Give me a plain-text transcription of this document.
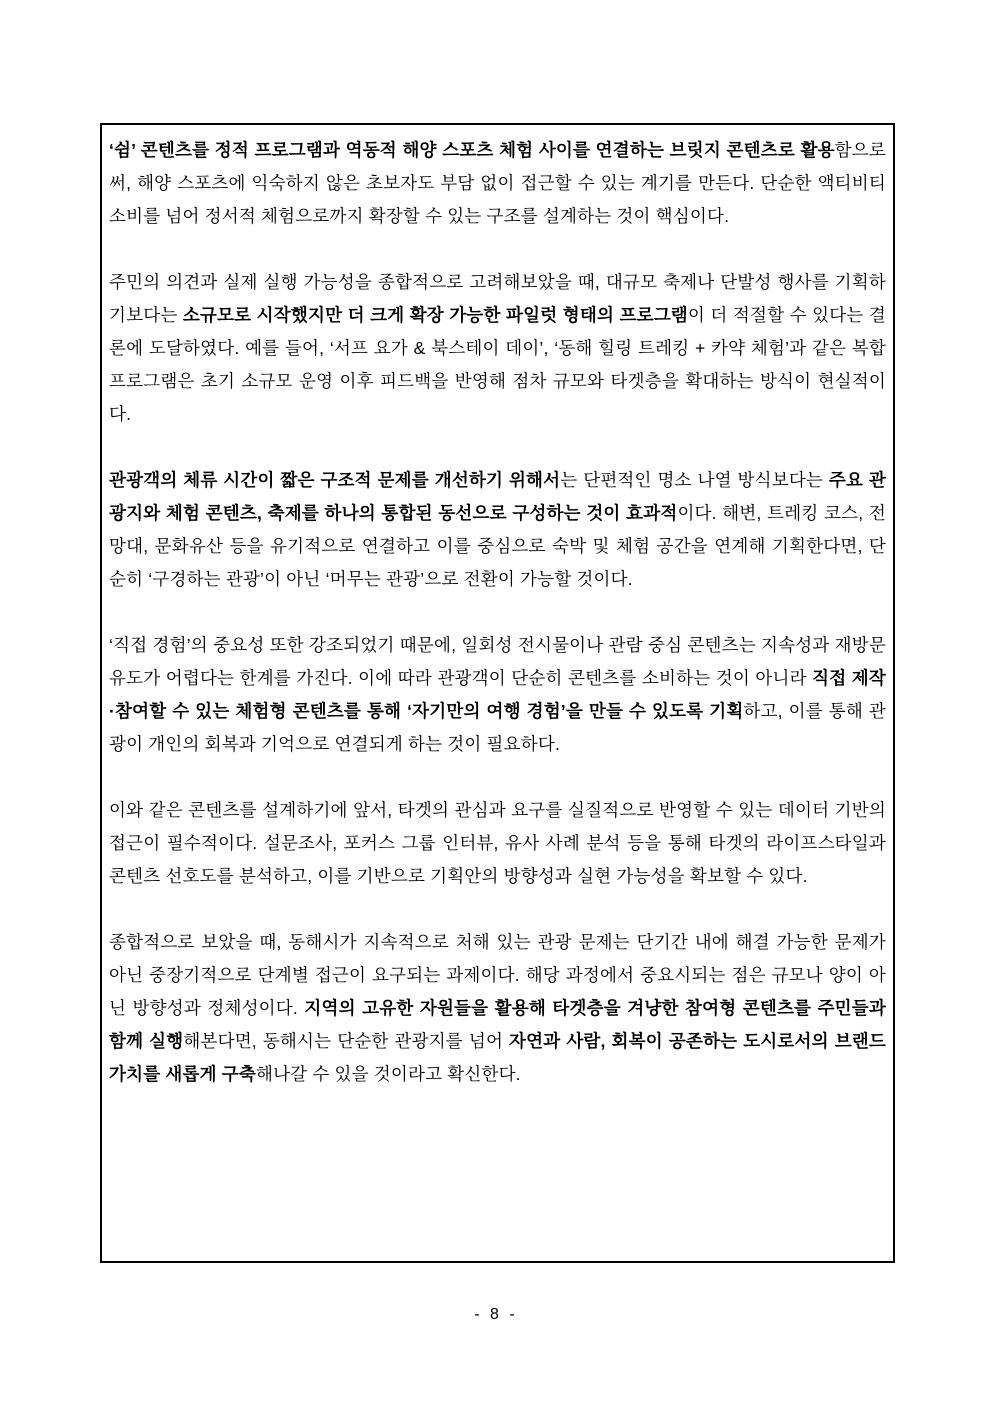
‘쉼’ 콘텐츠를 정적 프로그램과 역동적 해양 스포츠 체험 사이를 연결하는 브릿지 콘텐츠로 활용함으로써, 해양 스포츠에 익숙하지 않은 초보자도 부담 없이 접근할 수 있는 계기를 만든다. 단순한 액티비티 소비를 넘어 정서적 체험으로까지 확장할 수 있는 구조를 설계하는 것이 핵심이다.

주민의 의견과 실제 실행 가능성을 종합적으로 고려해보았을 때, 대규모 축제나 단발성 행사를 기획하기보다는 소규모로 시작했지만 더 크게 확장 가능한 파일럿 형태의 프로그램이 더 적절할 수 있다는 결론에 도달하였다. 예를 들어, ‘서프 요가 & 북스테이 데이’, ‘동해 힐링 트레킹 + 카약 체험’과 같은 복합 프로그램은 초기 소규모 운영 이후 피드백을 반영해 점차 규모와 타겟층을 확대하는 방식이 현실적이다.

관광객의 체류 시간이 짧은 구조적 문제를 개선하기 위해서는 단편적인 명소 나열 방식보다는 주요 관광지와 체험 콘텐츠, 축제를 하나의 통합된 동선으로 구성하는 것이 효과적이다. 해변, 트레킹 코스, 전망대, 문화유산 등을 유기적으로 연결하고 이를 중심으로 숙박 및 체험 공간을 연계해 기획한다면, 단순히 ‘구경하는 관광’이 아닌 ‘머무는 관광’으로 전환이 가능할 것이다.

‘직접 경험’의 중요성 또한 강조되었기 때문에, 일회성 전시물이나 관람 중심 콘텐츠는 지속성과 재방문 유도가 어렵다는 한계를 가진다. 이에 따라 관광객이 단순히 콘텐츠를 소비하는 것이 아니라 직접 제작·참여할 수 있는 체험형 콘텐츠를 통해 ‘자기만의 여행 경험’을 만들 수 있도록 기획하고, 이를 통해 관광이 개인의 회복과 기억으로 연결되게 하는 것이 필요하다.

이와 같은 콘텐츠를 설계하기에 앞서, 타겟의 관심과 요구를 실질적으로 반영할 수 있는 데이터 기반의 접근이 필수적이다. 설문조사, 포커스 그룹 인터뷰, 유사 사례 분석 등을 통해 타겟의 라이프스타일과 콘텐츠 선호도를 분석하고, 이를 기반으로 기획안의 방향성과 실현 가능성을 확보할 수 있다.

종합적으로 보았을 때, 동해시가 지속적으로 처해 있는 관광 문제는 단기간 내에 해결 가능한 문제가 아닌 중장기적으로 단계별 접근이 요구되는 과제이다. 해당 과정에서 중요시되는 점은 규모나 양이 아닌 방향성과 정체성이다. 지역의 고유한 자원들을 활용해 타겟층을 겨냥한 참여형 콘텐츠를 주민들과 함께 실행해본다면, 동해시는 단순한 관광지를 넘어 자연과 사람, 회복이 공존하는 도시로서의 브랜드 가치를 새롭게 구축해나갈 수 있을 것이라고 확신한다.

- 8 -
